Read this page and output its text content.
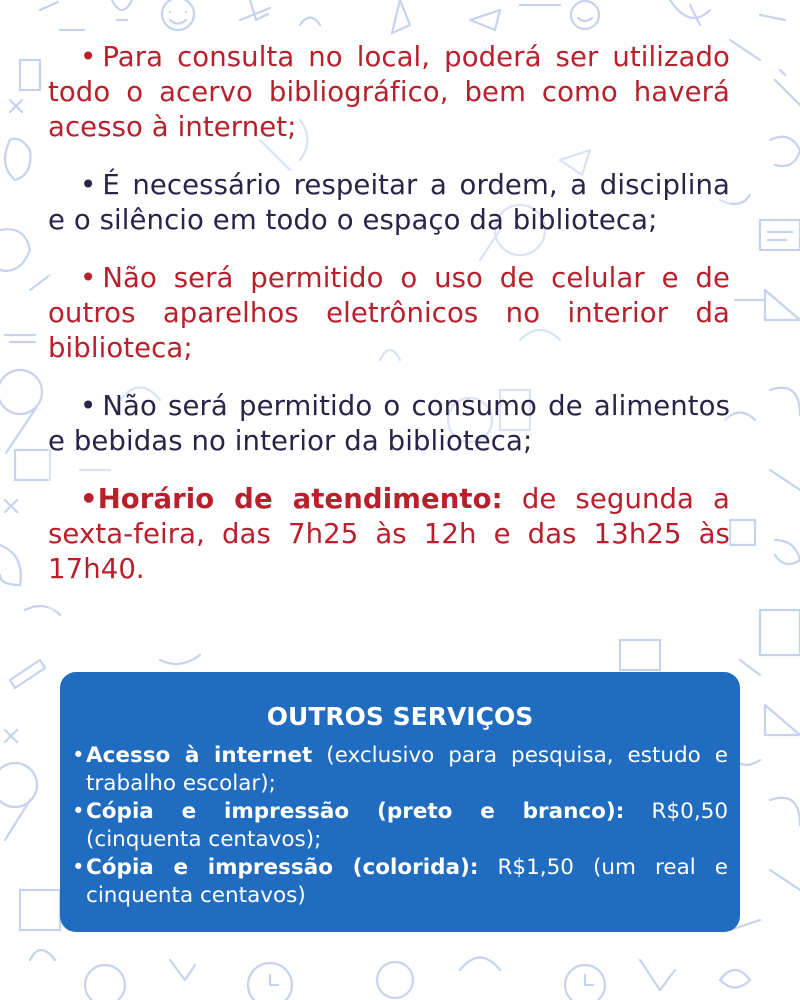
• Para consulta no local, poderá ser utilizado todo o acervo bibliográfico, bem como haverá acesso à internet;

• É necessário respeitar a ordem, a disciplina e o silêncio em todo o espaço da biblioteca;

• Não será permitido o uso de celular e de outros aparelhos eletrônicos no interior da biblioteca;

• Não será permitido o consumo de alimentos e bebidas no interior da biblioteca;

•Horário de atendimento: de segunda a sexta-feira, das 7h25 às 12h e das 13h25 às 17h40.

OUTROS SERVIÇOS

•Acesso à internet (exclusivo para pesquisa, estudo e trabalho escolar);

•Cópia e impressão (preto e branco): R$0,50 (cinquenta centavos);

•Cópia e impressão (colorida): R$1,50 (um real e cinquenta centavos)
